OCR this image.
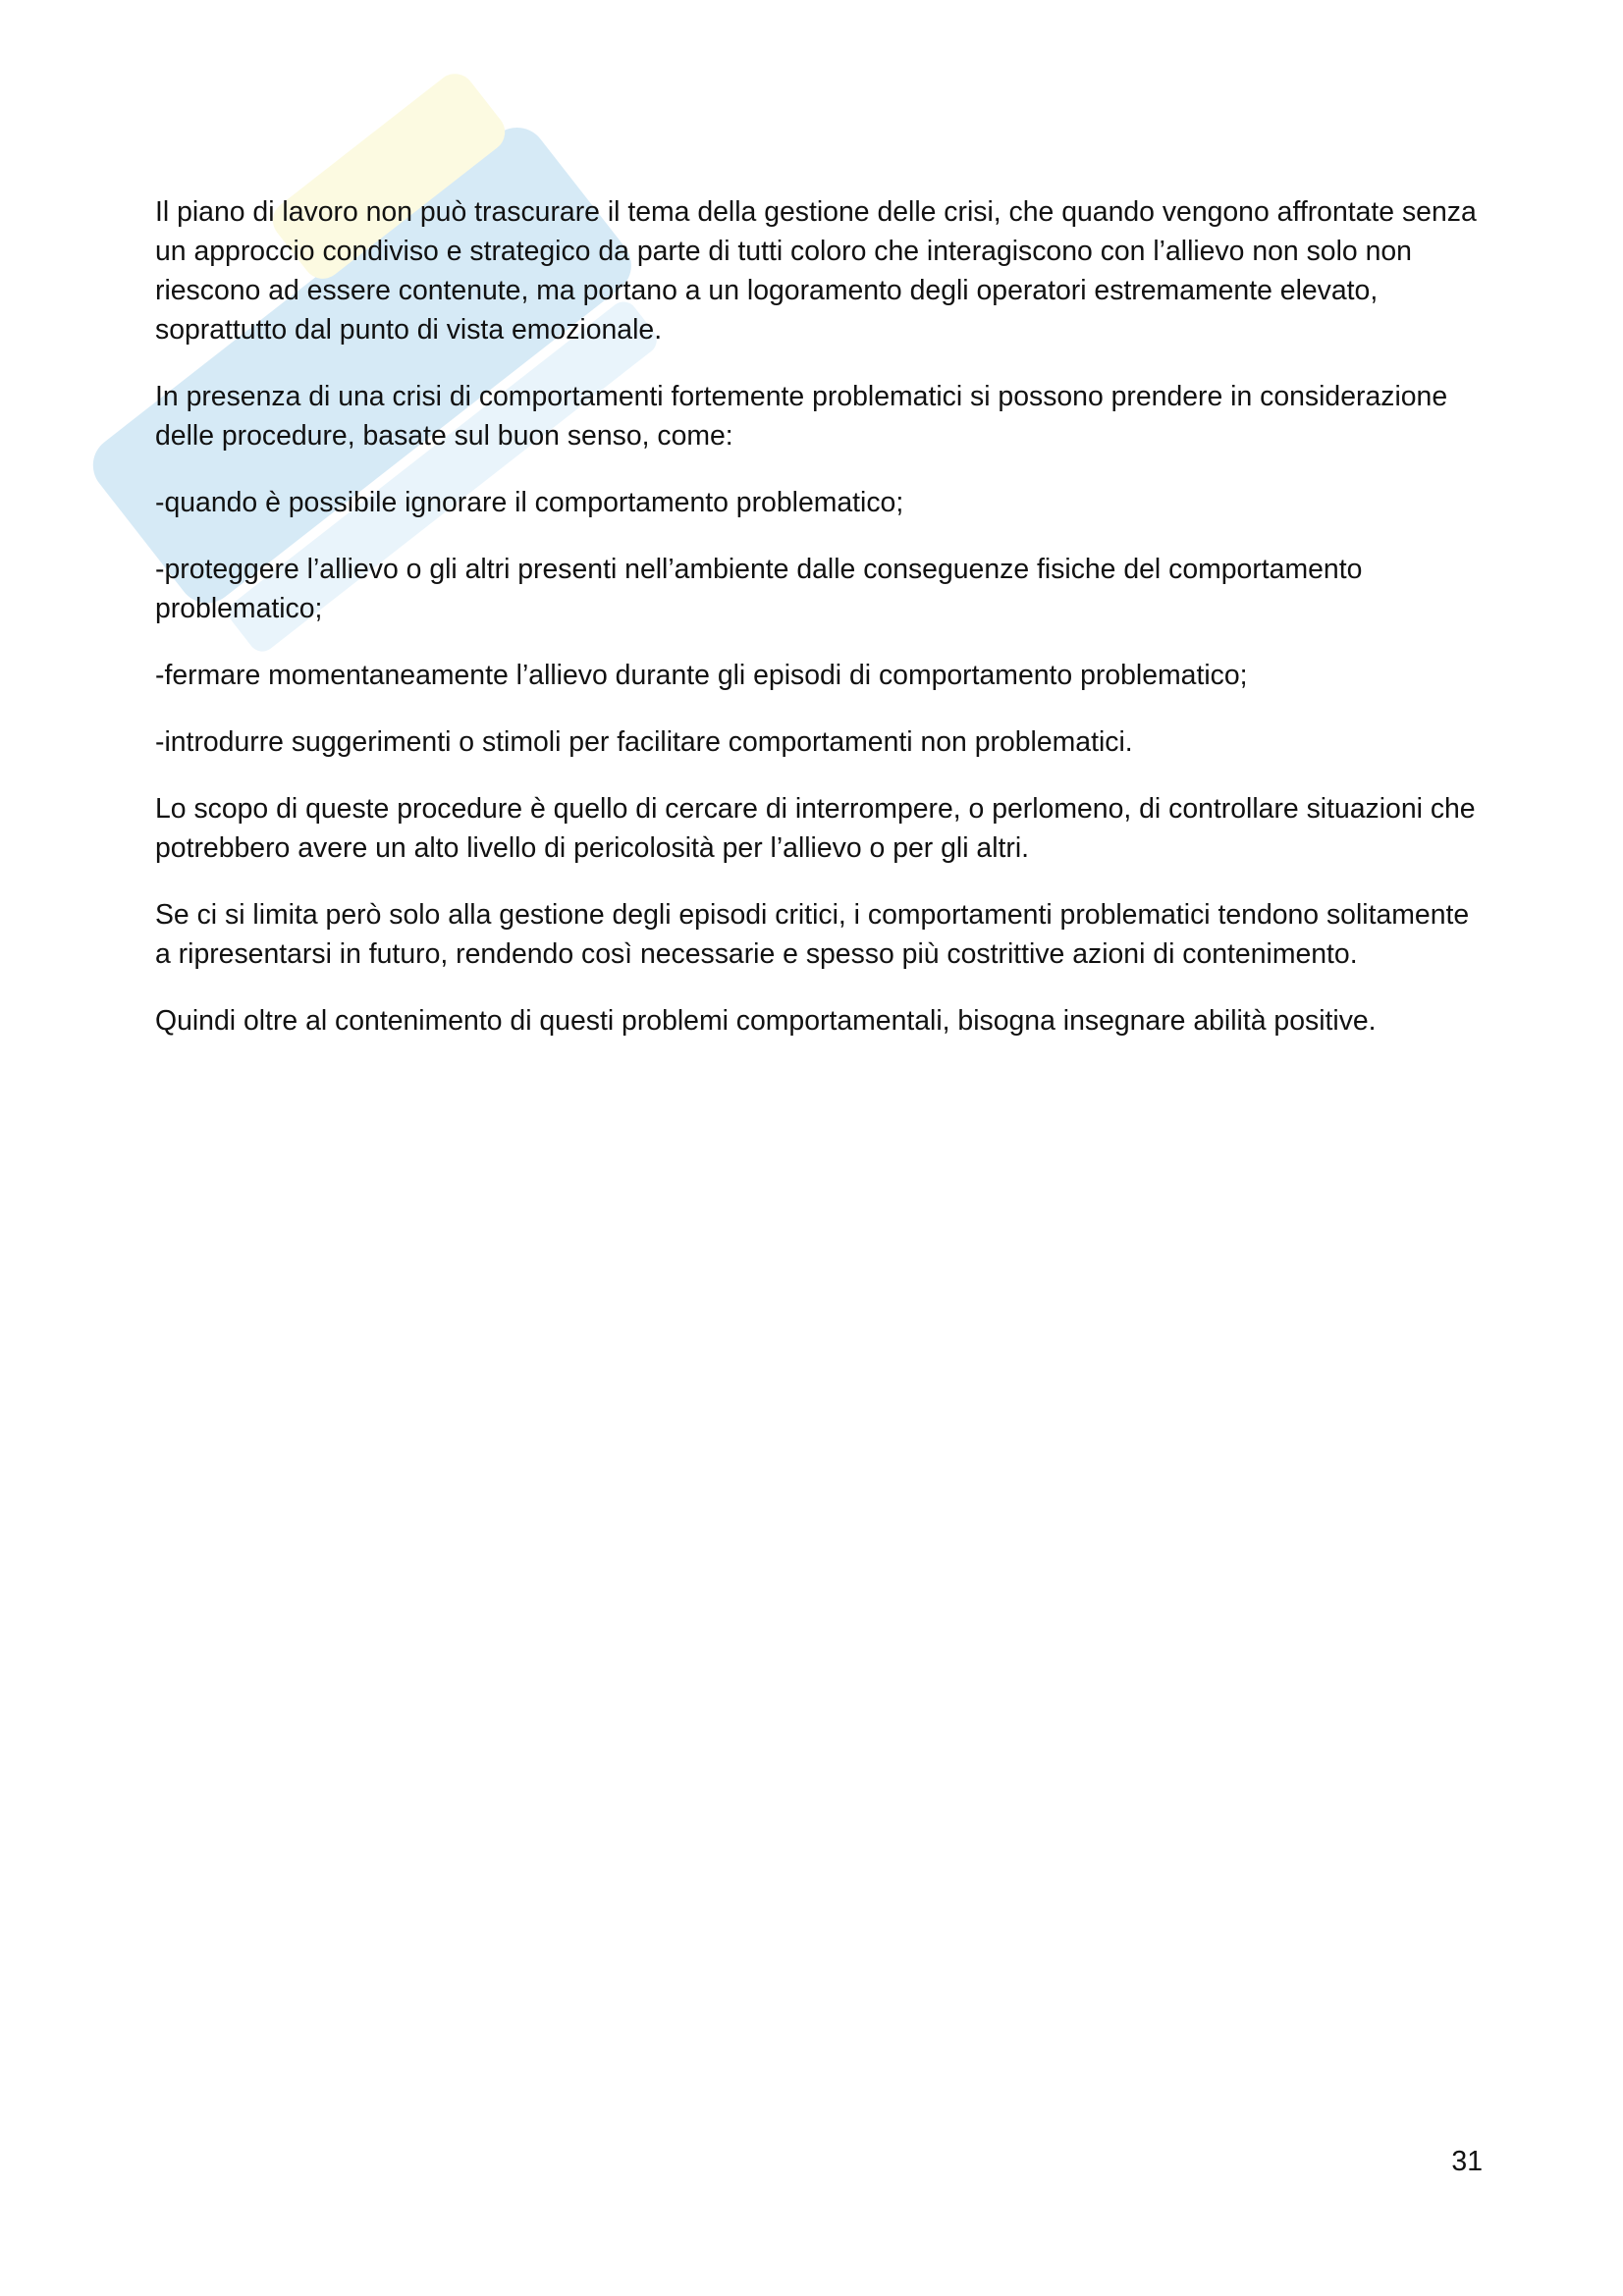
Il piano di lavoro non può trascurare il tema della gestione delle crisi, che quando vengono affrontate senza un approccio condiviso e strategico da parte di tutti coloro che interagiscono con l’allievo non solo non riescono ad essere contenute, ma portano a un logoramento degli operatori estremamente elevato, soprattutto dal punto di vista emozionale.

In presenza di una crisi di comportamenti fortemente problematici si possono prendere in considerazione delle procedure, basate sul buon senso, come:

-quando è possibile ignorare il comportamento problematico;

-proteggere l’allievo o gli altri presenti nell’ambiente dalle conseguenze fisiche del comportamento problematico;

-fermare momentaneamente l’allievo durante gli episodi di comportamento problematico;

-introdurre suggerimenti o stimoli per facilitare comportamenti non problematici.

Lo scopo di queste procedure è quello di cercare di interrompere, o perlomeno, di controllare situazioni che potrebbero avere un alto livello di pericolosità per l’allievo o per gli altri.

Se ci si limita però solo alla gestione degli episodi critici, i comportamenti problematici tendono solitamente a ripresentarsi in futuro, rendendo così necessarie e spesso più costrittive azioni di contenimento.

Quindi oltre al contenimento di questi problemi comportamentali, bisogna insegnare abilità positive.

31
